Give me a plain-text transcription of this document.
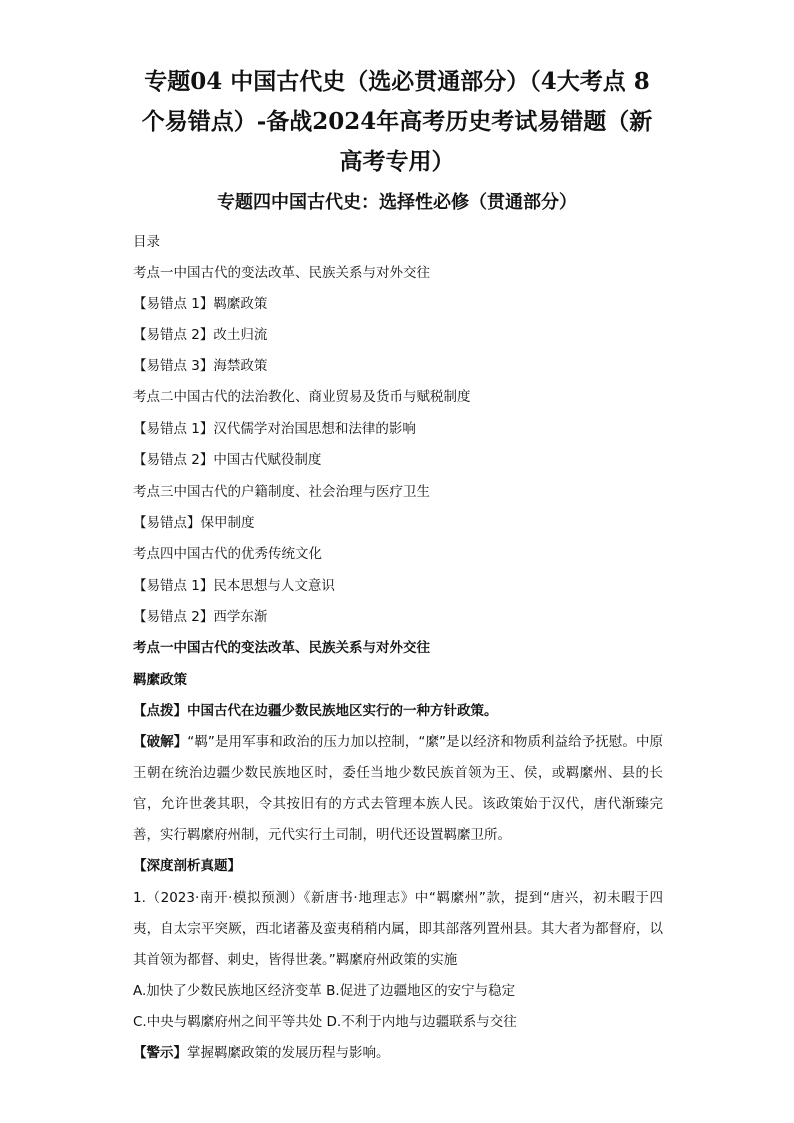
专题04 中国古代史（选必贯通部分）（4大考点 8
个易错点）-备战2024年高考历史考试易错题（新
高考专用）
专题四中国古代史：选择性必修（贯通部分）
目录
考点一中国古代的变法改革、民族关系与对外交往
【易错点 1】羁縻政策
【易错点 2】改土归流
【易错点 3】海禁政策
考点二中国古代的法治教化、商业贸易及货币与赋税制度
【易错点 1】汉代儒学对治国思想和法律的影响
【易错点 2】中国古代赋役制度
考点三中国古代的户籍制度、社会治理与医疗卫生
【易错点】保甲制度
考点四中国古代的优秀传统文化
【易错点 1】民本思想与人文意识
【易错点 2】西学东渐
考点一中国古代的变法改革、民族关系与对外交往
羁縻政策
【点拨】中国古代在边疆少数民族地区实行的一种方针政策。
【破解】“羁”是用军事和政治的压力加以控制，“縻”是以经济和物质利益给予抚慰。中原王朝在统治边疆少数民族地区时，委任当地少数民族首领为王、侯，或羁縻州、县的长官，允许世袭其职，令其按旧有的方式去管理本族人民。该政策始于汉代，唐代渐臻完善，实行羁縻府州制，元代实行土司制，明代还设置羁縻卫所。
【深度剖析真题】
1.（2023·南开·模拟预测）《新唐书·地理志》中“羁縻州”款，提到“唐兴，初未暇于四夷，自太宗平突厥，西北诸蕃及蛮夷稍稍内属，即其部落列置州县。其大者为都督府，以其首领为都督、刺史，皆得世袭。”羁縻府州政策的实施
A.加快了少数民族地区经济变革 B.促进了边疆地区的安宁与稳定
C.中央与羁縻府州之间平等共处 D.不利于内地与边疆联系与交往
【警示】掌握羁縻政策的发展历程与影响。
